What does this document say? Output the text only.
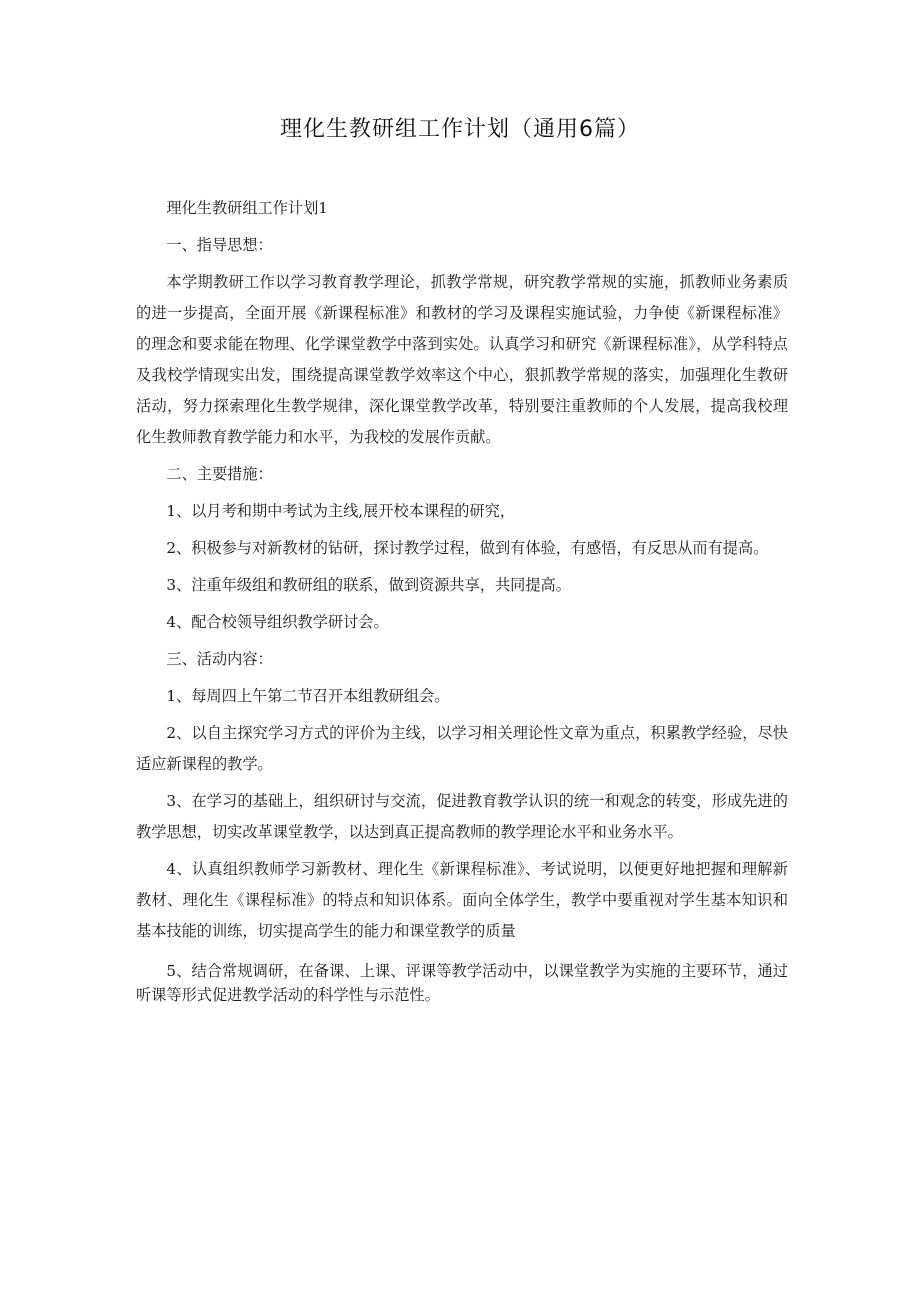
理化生教研组工作计划（通用6篇）

理化生教研组工作计划1

一、指导思想：

本学期教研工作以学习教育教学理论，抓教学常规，研究教学常规的实施，抓教师业务素质的进一步提高，全面开展《新课程标准》和教材的学习及课程实施试验，力争使《新课程标准》的理念和要求能在物理、化学课堂教学中落到实处。认真学习和研究《新课程标准》，从学科特点及我校学情现实出发，围绕提高课堂教学效率这个中心，狠抓教学常规的落实，加强理化生教研活动，努力探索理化生教学规律，深化课堂教学改革，特别要注重教师的个人发展，提高我校理化生教师教育教学能力和水平，为我校的发展作贡献。

二、主要措施：

1、以月考和期中考试为主线,展开校本课程的研究，

2、积极参与对新教材的钻研，探讨教学过程，做到有体验，有感悟，有反思从而有提高。

3、注重年级组和教研组的联系，做到资源共享，共同提高。

4、配合校领导组织教学研讨会。

三、活动内容：

1、每周四上午第二节召开本组教研组会。

2、以自主探究学习方式的评价为主线，以学习相关理论性文章为重点，积累教学经验，尽快适应新课程的教学。

3、在学习的基础上，组织研讨与交流，促进教育教学认识的统一和观念的转变，形成先进的教学思想，切实改革课堂教学，以达到真正提高教师的教学理论水平和业务水平。

4、认真组织教师学习新教材、理化生《新课程标准》、考试说明，以便更好地把握和理解新教材、理化生《课程标准》的特点和知识体系。面向全体学生，教学中要重视对学生基本知识和基本技能的训练，切实提高学生的能力和课堂教学的质量

5、结合常规调研，在备课、上课、评课等教学活动中，以课堂教学为实施的主要环节，通过听课等形式促进教学活动的科学性与示范性。
